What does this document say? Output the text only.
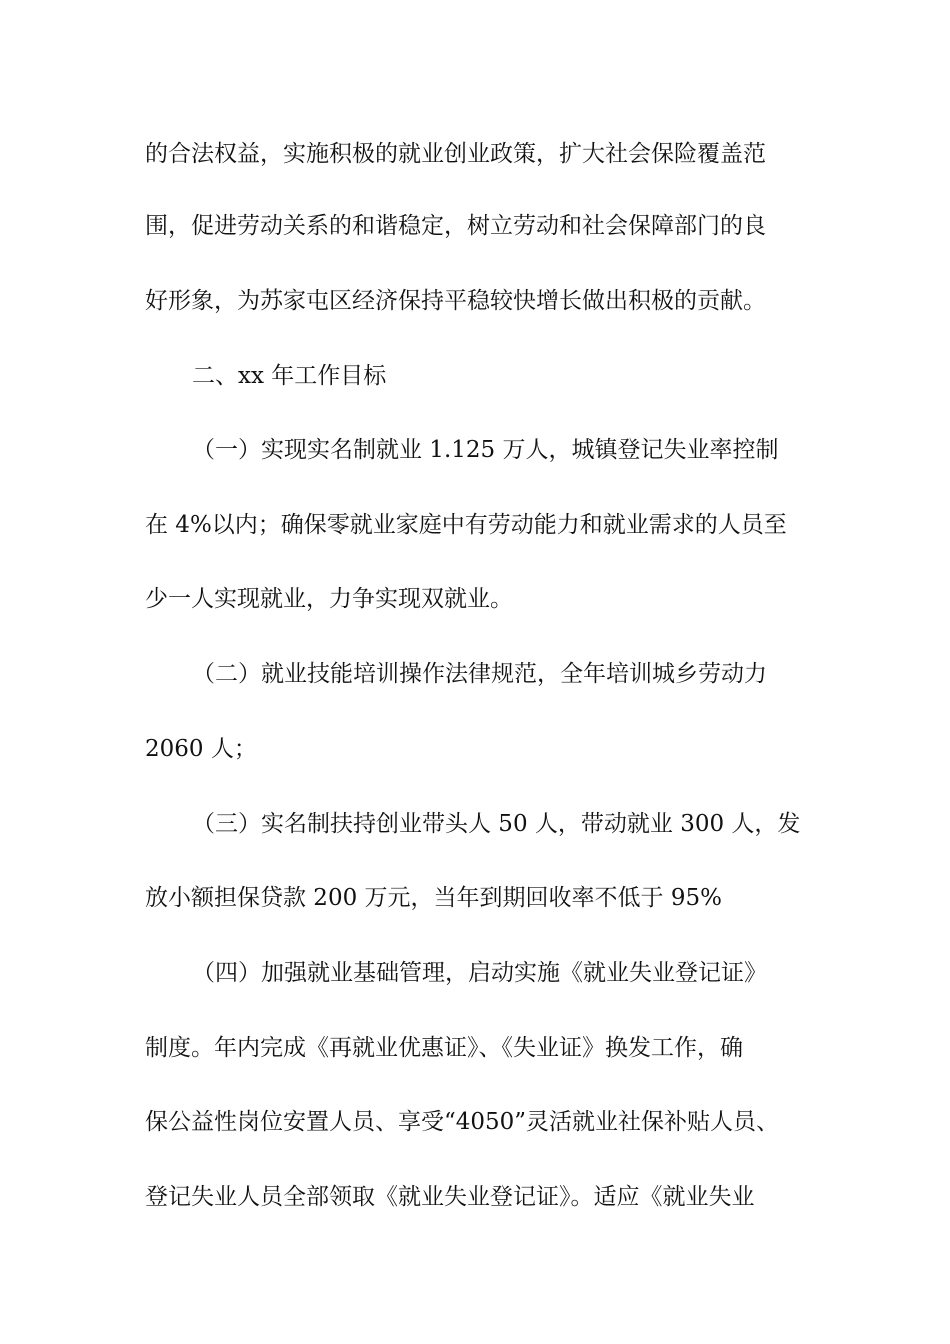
的合法权益，实施积极的就业创业政策，扩大社会保险覆盖范
围，促进劳动关系的和谐稳定，树立劳动和社会保障部门的良
好形象，为苏家屯区经济保持平稳较快增长做出积极的贡献。
二、xx 年工作目标
（一）实现实名制就业 1.125 万人，城镇登记失业率控制
在 4%以内；确保零就业家庭中有劳动能力和就业需求的人员至
少一人实现就业，力争实现双就业。
（二）就业技能培训操作法律规范，全年培训城乡劳动力
2060 人；
（三）实名制扶持创业带头人 50 人，带动就业 300 人，发
放小额担保贷款 200 万元，当年到期回收率不低于 95%
（四）加强就业基础管理，启动实施《就业失业登记证》
制度。年内完成《再就业优惠证》、《失业证》换发工作，确
保公益性岗位安置人员、享受“4050”灵活就业社保补贴人员、
登记失业人员全部领取《就业失业登记证》。适应《就业失业
